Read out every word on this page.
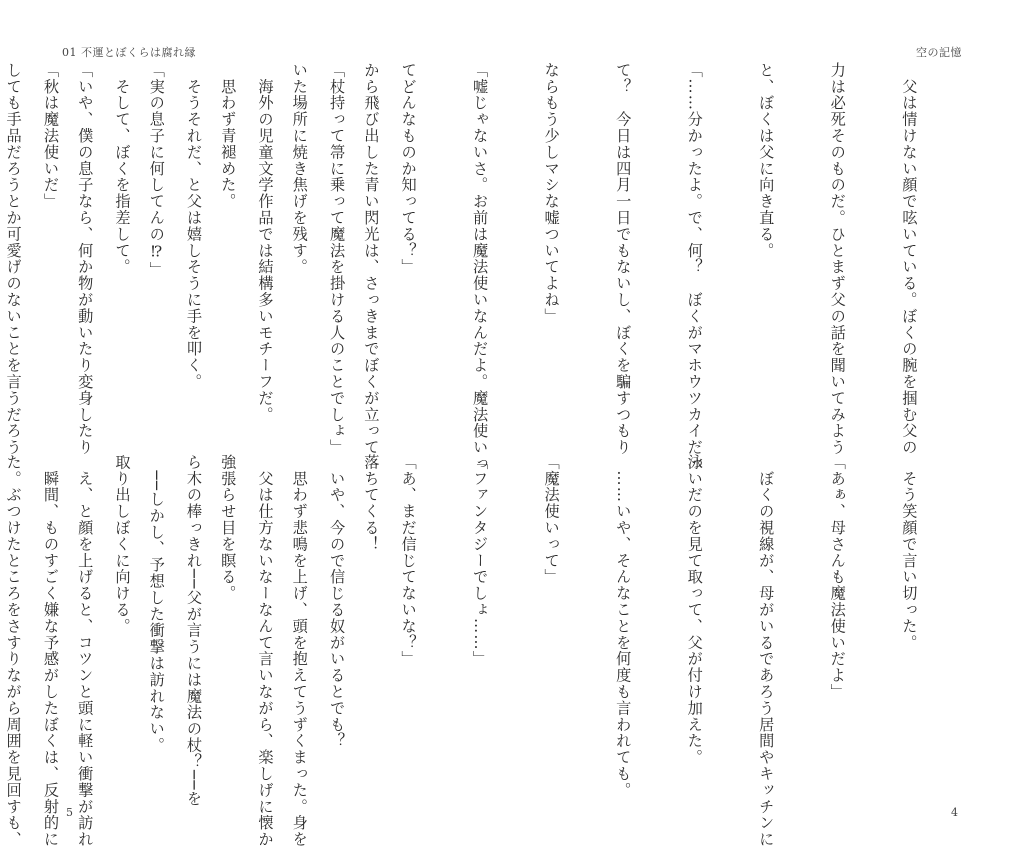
01 不運とぼくらは腐れ縁	空の記憶

　父は情けない顔で呟いている。ぼくの腕を掴む父の

力は必死そのものだ。ひとまず父の話を聞いてみよう

と、ぼくは父に向き直る。

「……分かったよ。で、何？　ぼくがマホウツカイだっ

て？　今日は四月一日でもないし、ぼくを騙すつもり

ならもう少しマシな嘘ついてよね」

「嘘じゃないさ。お前は魔法使いなんだよ。魔法使いっ

てどんなものか知ってる？」

「杖持って箒に乗って魔法を掛ける人のことでしょ」

　海外の児童文学作品では結構多いモチーフだ。

　そうそれだ、と父は嬉しそうに手を叩く。

　そして、ぼくを指差して。

「秋は魔法使いだ」

　そう笑顔で言い切った。

「あぁ、母さんも魔法使いだよ」

　ぼくの視線が、母がいるであろう居間やキッチンに

泳いだのを見て取って、父が付け加えた。

　……いや、そんなことを何度も言われても。

「魔法使いって」

「ファンタジーでしょ……」

「あ、まだ信じてないな？」

　いや、今ので信じる奴がいるとでも？

　父は仕方ないなーなんて言いながら、楽しげに懐か

ら木の棒っきれ──父が言うには魔法の杖？──を

取り出しぼくに向ける。

　瞬間、ものすごく嫌な予感がしたぼくは、反射的に

から飛び出した青い閃光は、さっきまでぼくが立って

いた場所に焼き焦げを残す。

　思わず青褪めた。

「実の息子に何してんの⁉」

「いや、僕の息子なら、何か物が動いたり変身したり

しても手品だろうとか可愛げのないことを言うだろう

落ちてくる！

　思わず悲鳴を上げ、頭を抱えてうずくまった。身を

強張らせ目を瞑る。

　──しかし、予想した衝撃は訪れない。

　え、と顔を上げると、コツンと頭に軽い衝撃が訪れ

た。ぶつけたところをさすりながら周囲を見回すも、

	5	4
